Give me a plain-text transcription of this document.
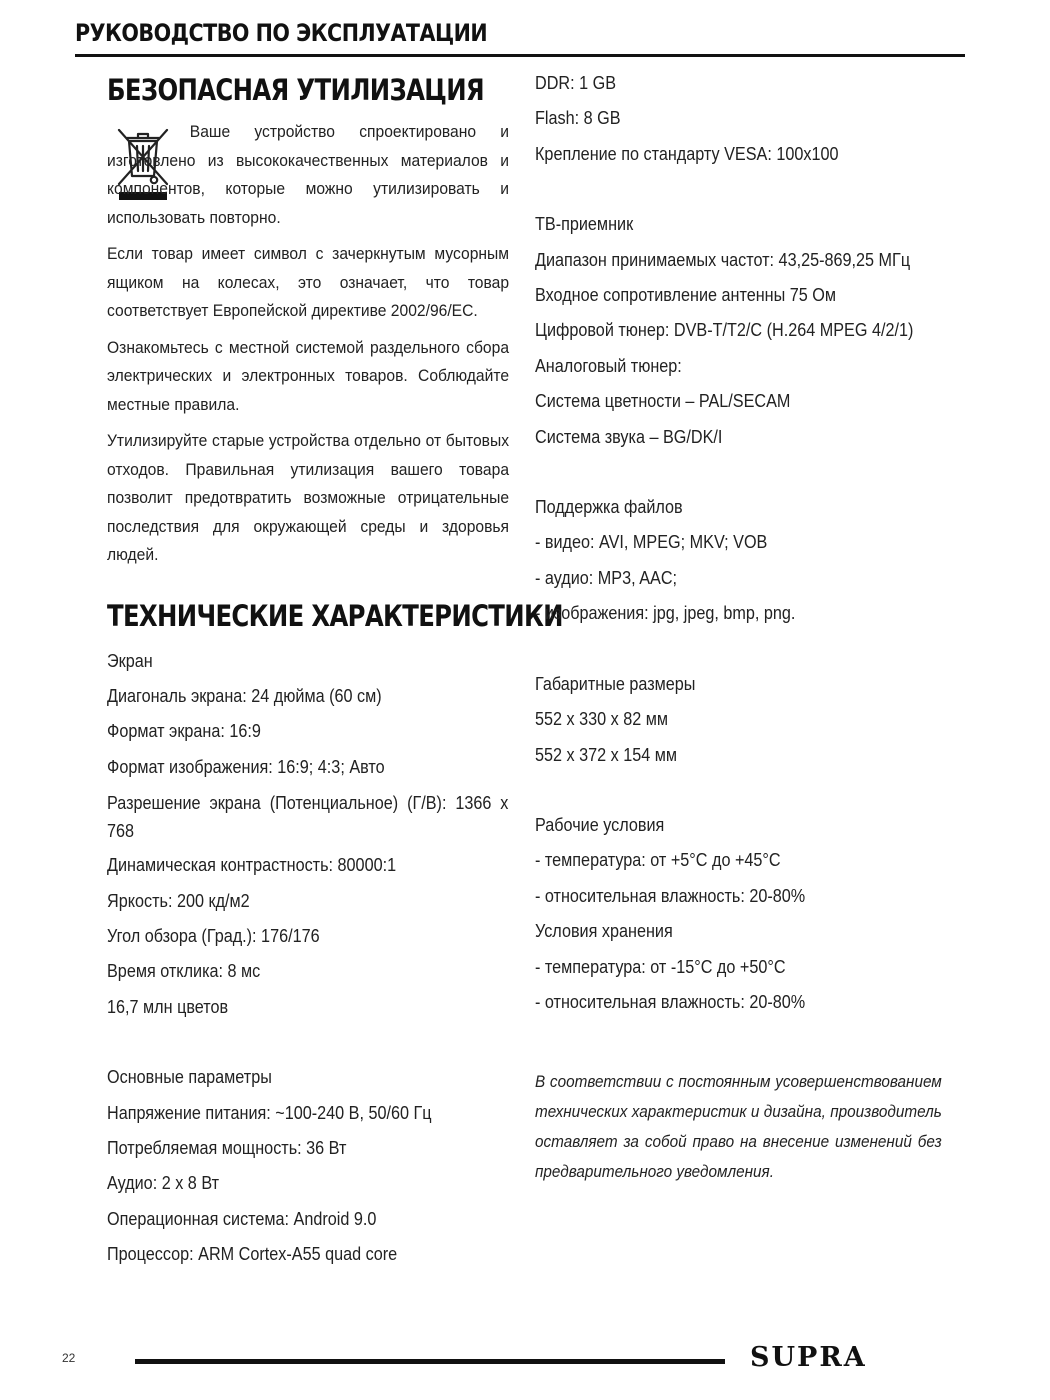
РУКОВОДСТВО ПО ЭКСПЛУАТАЦИИ
БЕЗОПАСНАЯ УТИЛИЗАЦИЯ
Ваше устройство спроектировано и изготовлено из высококачественных материалов и компонентов, которые можно утилизировать и использовать повторно.
Если товар имеет символ с зачеркнутым мусорным ящиком на колесах, это означает, что товар соответствует Европейской директиве 2002/96/EC.
Ознакомьтесь с местной системой раздельного сбора электрических и электронных товаров. Соблюдайте местные правила.
Утилизируйте старые устройства отдельно от бытовых отходов. Правильная утилизация вашего товара позволит предотвратить возможные отрицательные последствия для окружающей среды и здоровья людей.
ТЕХНИЧЕСКИЕ ХАРАКТЕРИСТИКИ
Экран
Диагональ экрана: 24 дюйма (60 см)
Формат экрана: 16:9
Формат изображения: 16:9; 4:3; Авто
Разрешение экрана (Потенциальное) (Г/В): 1366 x 768
Динамическая контрастность: 80000:1
Яркость: 200 кд/м2
Угол обзора (Град.): 176/176
Время отклика: 8 мс
16,7 млн цветов
Основные параметры
Напряжение питания: ~100-240 В, 50/60 Гц
Потребляемая мощность: 36 Вт
Аудио: 2 x 8 Вт
Операционная система: Android 9.0
Процессор: ARM Cortex-A55 quad core
DDR: 1 GB
Flash: 8 GB
Крепление по стандарту VESA: 100x100
ТВ-приемник
Диапазон принимаемых частот: 43,25-869,25 МГц
Входное сопротивление антенны 75 Ом
Цифровой тюнер: DVB-T/T2/C (H.264 MPEG 4/2/1)
Аналоговый тюнер:
Система цветности – PAL/SECAM
Система звука – BG/DK/I
Поддержка файлов
- видео: AVI, MPEG; MKV; VOB
- аудио: MP3, AAC;
- изображения: jpg, jpeg, bmp, png.
Габаритные размеры
552 x 330 x 82 мм
552 x 372 x 154 мм
Рабочие условия
- температура: от +5°С до +45°С
- относительная влажность: 20-80%
Условия хранения
- температура: от -15°С до +50°С
- относительная влажность: 20-80%
В соответствии с постоянным усовершенствованием технических характеристик и дизайна, производитель оставляет за собой право на внесение изменений без предварительного уведомления.
22	SUPRA
